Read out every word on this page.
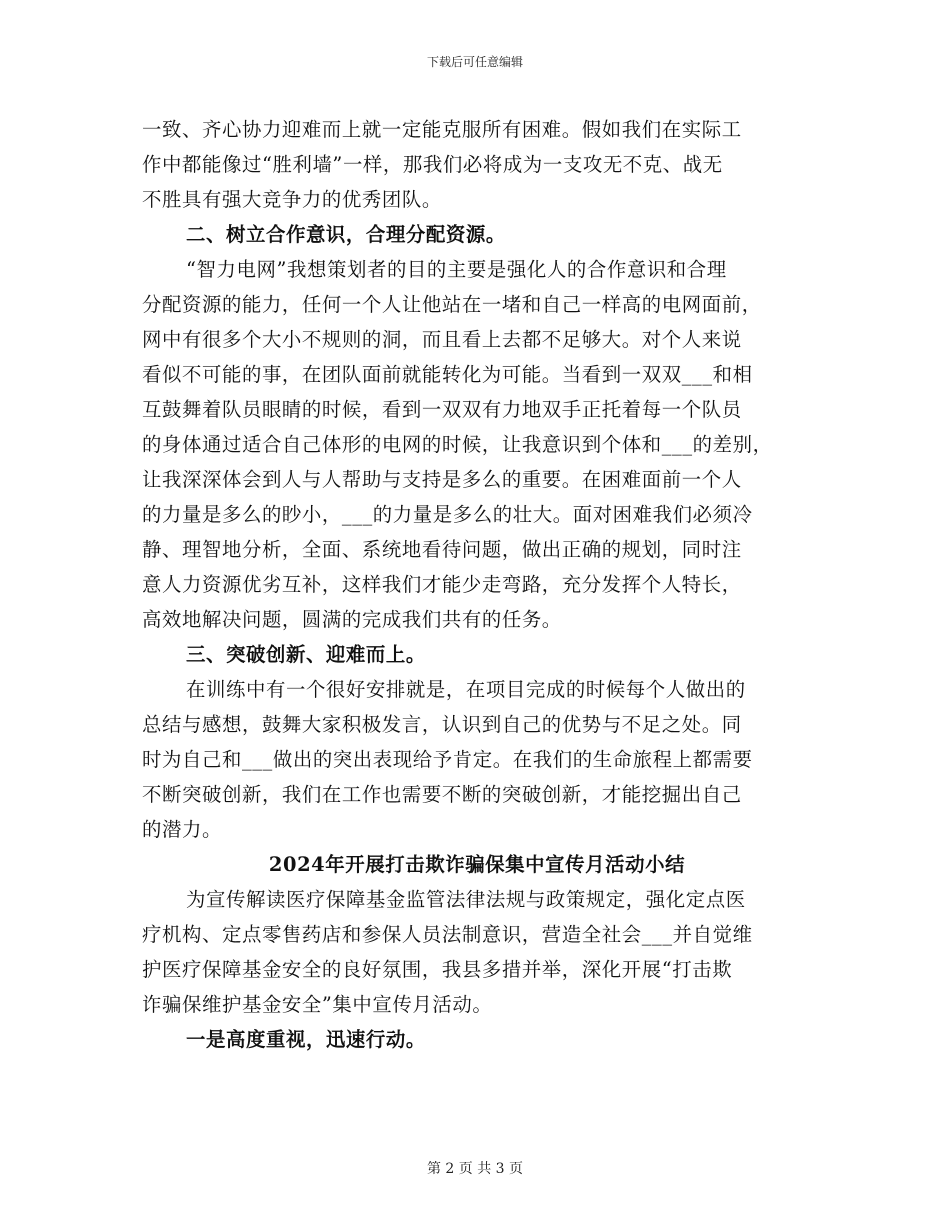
下载后可任意编辑
一致、齐心协力迎难而上就一定能克服所有困难。假如我们在实际工
作中都能像过“胜利墙”一样，那我们必将成为一支攻无不克、战无
不胜具有强大竞争力的优秀团队。
二、树立合作意识，合理分配资源。
“智力电网”我想策划者的目的主要是强化人的合作意识和合理
分配资源的能力，任何一个人让他站在一堵和自己一样高的电网面前，
网中有很多个大小不规则的洞，而且看上去都不足够大。对个人来说
看似不可能的事，在团队面前就能转化为可能。当看到一双双___和相
互鼓舞着队员眼睛的时候，看到一双双有力地双手正托着每一个队员
的身体通过适合自己体形的电网的时候，让我意识到个体和___的差别，
让我深深体会到人与人帮助与支持是多么的重要。在困难面前一个人
的力量是多么的眇小，___的力量是多么的壮大。面对困难我们必须冷
静、理智地分析，全面、系统地看待问题，做出正确的规划，同时注
意人力资源优劣互补，这样我们才能少走弯路，充分发挥个人特长，
高效地解决问题，圆满的完成我们共有的任务。
三、突破创新、迎难而上。
在训练中有一个很好安排就是，在项目完成的时候每个人做出的
总结与感想，鼓舞大家积极发言，认识到自己的优势与不足之处。同
时为自己和___做出的突出表现给予肯定。在我们的生命旅程上都需要
不断突破创新，我们在工作也需要不断的突破创新，才能挖掘出自己
的潜力。
2024年开展打击欺诈骗保集中宣传月活动小结
为宣传解读医疗保障基金监管法律法规与政策规定，强化定点医
疗机构、定点零售药店和参保人员法制意识，营造全社会___并自觉维
护医疗保障基金安全的良好氛围，我县多措并举，深化开展“打击欺
诈骗保维护基金安全”集中宣传月活动。
一是高度重视，迅速行动。
第 2 页 共 3 页
